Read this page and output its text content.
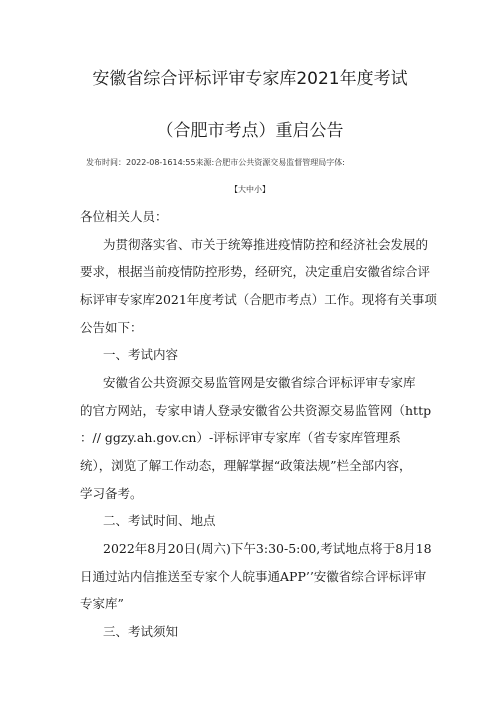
安徽省综合评标评审专家库2021年度考试
（合肥市考点）重启公告
发布时间：2022-08-1614:55来源:合肥市公共资源交易监督管理局字体:
【大中小】
各位相关人员：
为贯彻落实省、市关于统筹推进疫情防控和经济社会发展的
要求，根据当前疫情防控形势，经研究，决定重启安徽省综合评
标评审专家库2021年度考试（合肥市考点）工作。现将有关事项
公告如下：
一、考试内容
安徽省公共资源交易监管网是安徽省综合评标评审专家库
的官方网站，专家申请人登录安徽省公共资源交易监管网（http
：// ggzy.ah.gov.cn）-评标评审专家库（省专家库管理系
统），浏览了解工作动态，理解掌握“政策法规”栏全部内容，
学习备考。
二、考试时间、地点
2022年8月20日(周六)下午3:30-5:00,考试地点将于8月18
日通过站内信推送至专家个人皖事通APP’’安徽省综合评标评审
专家库”
三、考试须知
